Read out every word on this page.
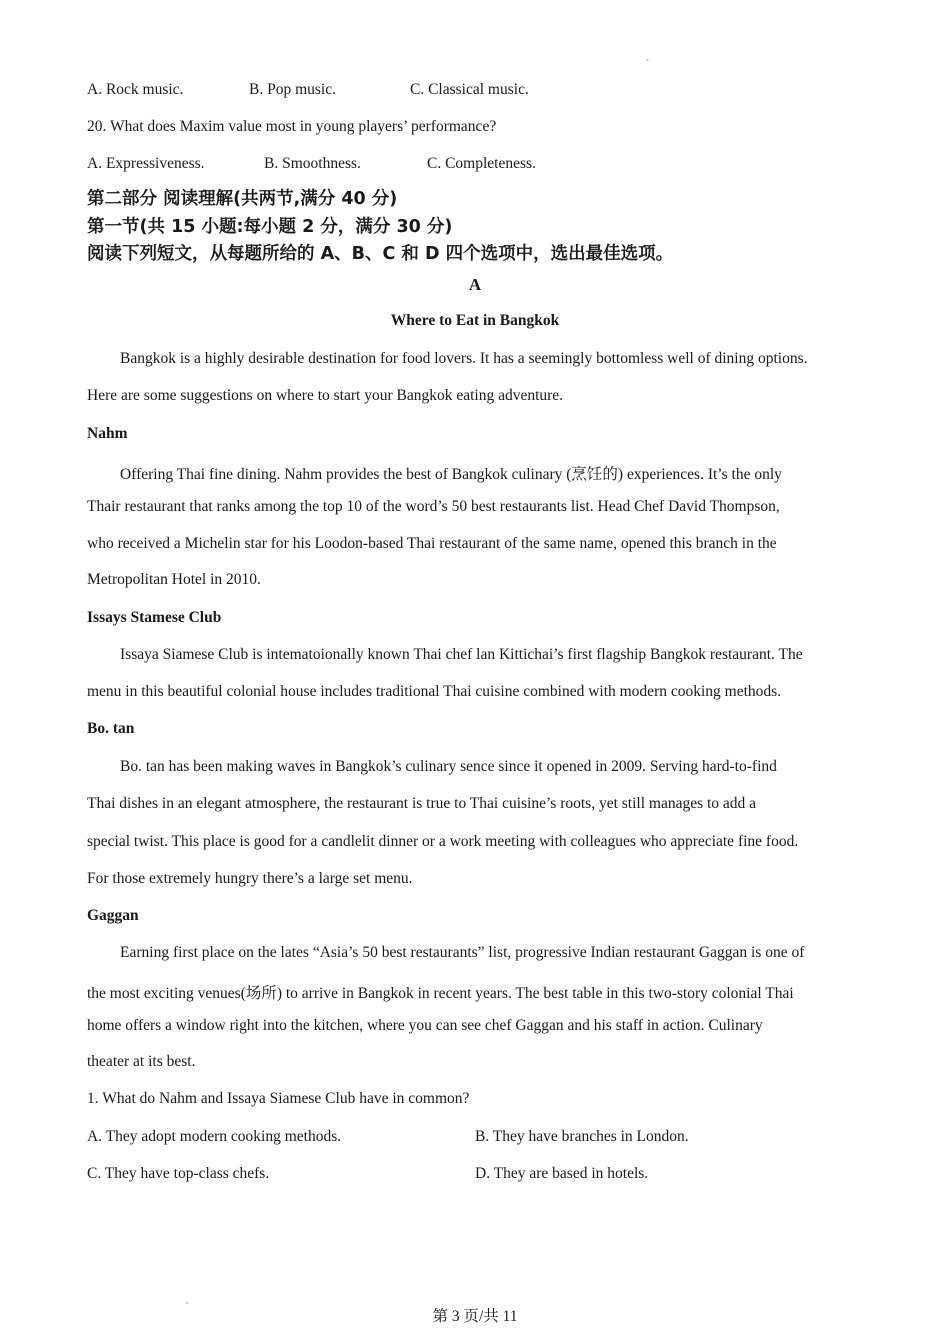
˜
A. Rock music.	B. Pop music.	C. Classical music.
20. What does Maxim value most in young players’ performance?
A. Expressiveness.	B. Smoothness.	C. Completeness.
第二部分 阅读理解(共两节,满分 40 分)
第一节(共 15 小题:每小题 2 分，满分 30 分)
阅读下列短文，从每题所给的 A、B、C 和 D 四个选项中，选出最佳选项。
A
Where to Eat in Bangkok
Bangkok is a highly desirable destination for food lovers. It has a seemingly bottomless well of dining options.
Here are some suggestions on where to start your Bangkok eating adventure.
Nahm
Offering Thai fine dining. Nahm provides the best of Bangkok culinary (烹饪的) experiences. It’s the only
Thair restaurant that ranks among the top 10 of the word’s 50 best restaurants list. Head Chef David Thompson,
who received a Michelin star for his Loodon-based Thai restaurant of the same name, opened this branch in the
Metropolitan Hotel in 2010.
Issays Stamese Club
Issaya Siamese Club is intematoionally known Thai chef lan Kittichai’s first flagship Bangkok restaurant. The
menu in this beautiful colonial house includes traditional Thai cuisine combined with modern cooking methods.
Bo. tan
Bo. tan has been making waves in Bangkok’s culinary sence since it opened in 2009. Serving hard-to-find
Thai dishes in an elegant atmosphere, the restaurant is true to Thai cuisine’s roots, yet still manages to add a
special twist. This place is good for a candlelit dinner or a work meeting with colleagues who appreciate fine food.
For those extremely hungry there’s a large set menu.
Gaggan
Earning first place on the lates “Asia’s 50 best restaurants” list, progressive Indian restaurant Gaggan is one of
the most exciting venues(场所) to arrive in Bangkok in recent years. The best table in this two-story colonial Thai
home offers a window right into the kitchen, where you can see chef Gaggan and his staff in action. Culinary
theater at its best.
1. What do Nahm and Issaya Siamese Club have in common?
A. They adopt modern cooking methods.	B. They have branches in London.
C. They have top-class chefs.	D. They are based in hotels.
˜
第 3 页/共 11
